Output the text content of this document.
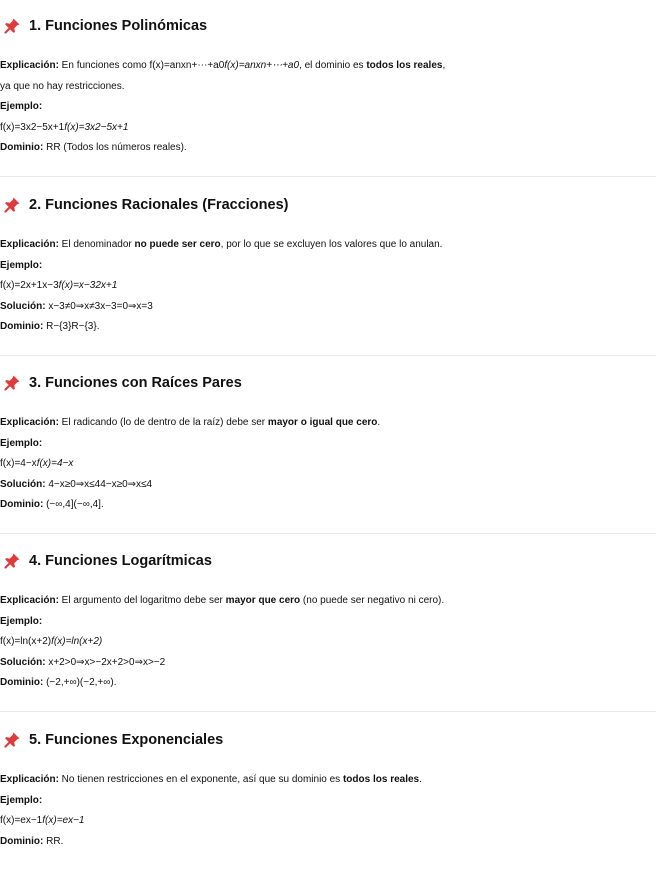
1. Funciones Polinómicas

Explicación: En funciones como f(x)=anxn+⋯+a0f(x)=anxn+⋯+a0, el dominio es todos los reales,

ya que no hay restricciones.

Ejemplo:

f(x)=3x2−5x+1f(x)=3x2−5x+1

Dominio: RR (Todos los números reales).

2. Funciones Racionales (Fracciones)

Explicación: El denominador no puede ser cero, por lo que se excluyen los valores que lo anulan.

Ejemplo:

f(x)=2x+1x−3f(x)=x−32x+1

Solución: x−3≠0⇒x≠3x−3=0⇒x=3

Dominio: R−{3}R−{3}.

3. Funciones con Raíces Pares

Explicación: El radicando (lo de dentro de la raíz) debe ser mayor o igual que cero.

Ejemplo:

f(x)=4−xf(x)=4−x

Solución: 4−x≥0⇒x≤44−x≥0⇒x≤4

Dominio: (−∞,4](−∞,4].

4. Funciones Logarítmicas

Explicación: El argumento del logaritmo debe ser mayor que cero (no puede ser negativo ni cero).

Ejemplo:

f(x)=ln(x+2)f(x)=ln(x+2)

Solución: x+2>0⇒x>−2x+2>0⇒x>−2

Dominio: (−2,+∞)(−2,+∞).

5. Funciones Exponenciales

Explicación: No tienen restricciones en el exponente, así que su dominio es todos los reales.

Ejemplo:

f(x)=ex−1f(x)=ex−1

Dominio: RR.
